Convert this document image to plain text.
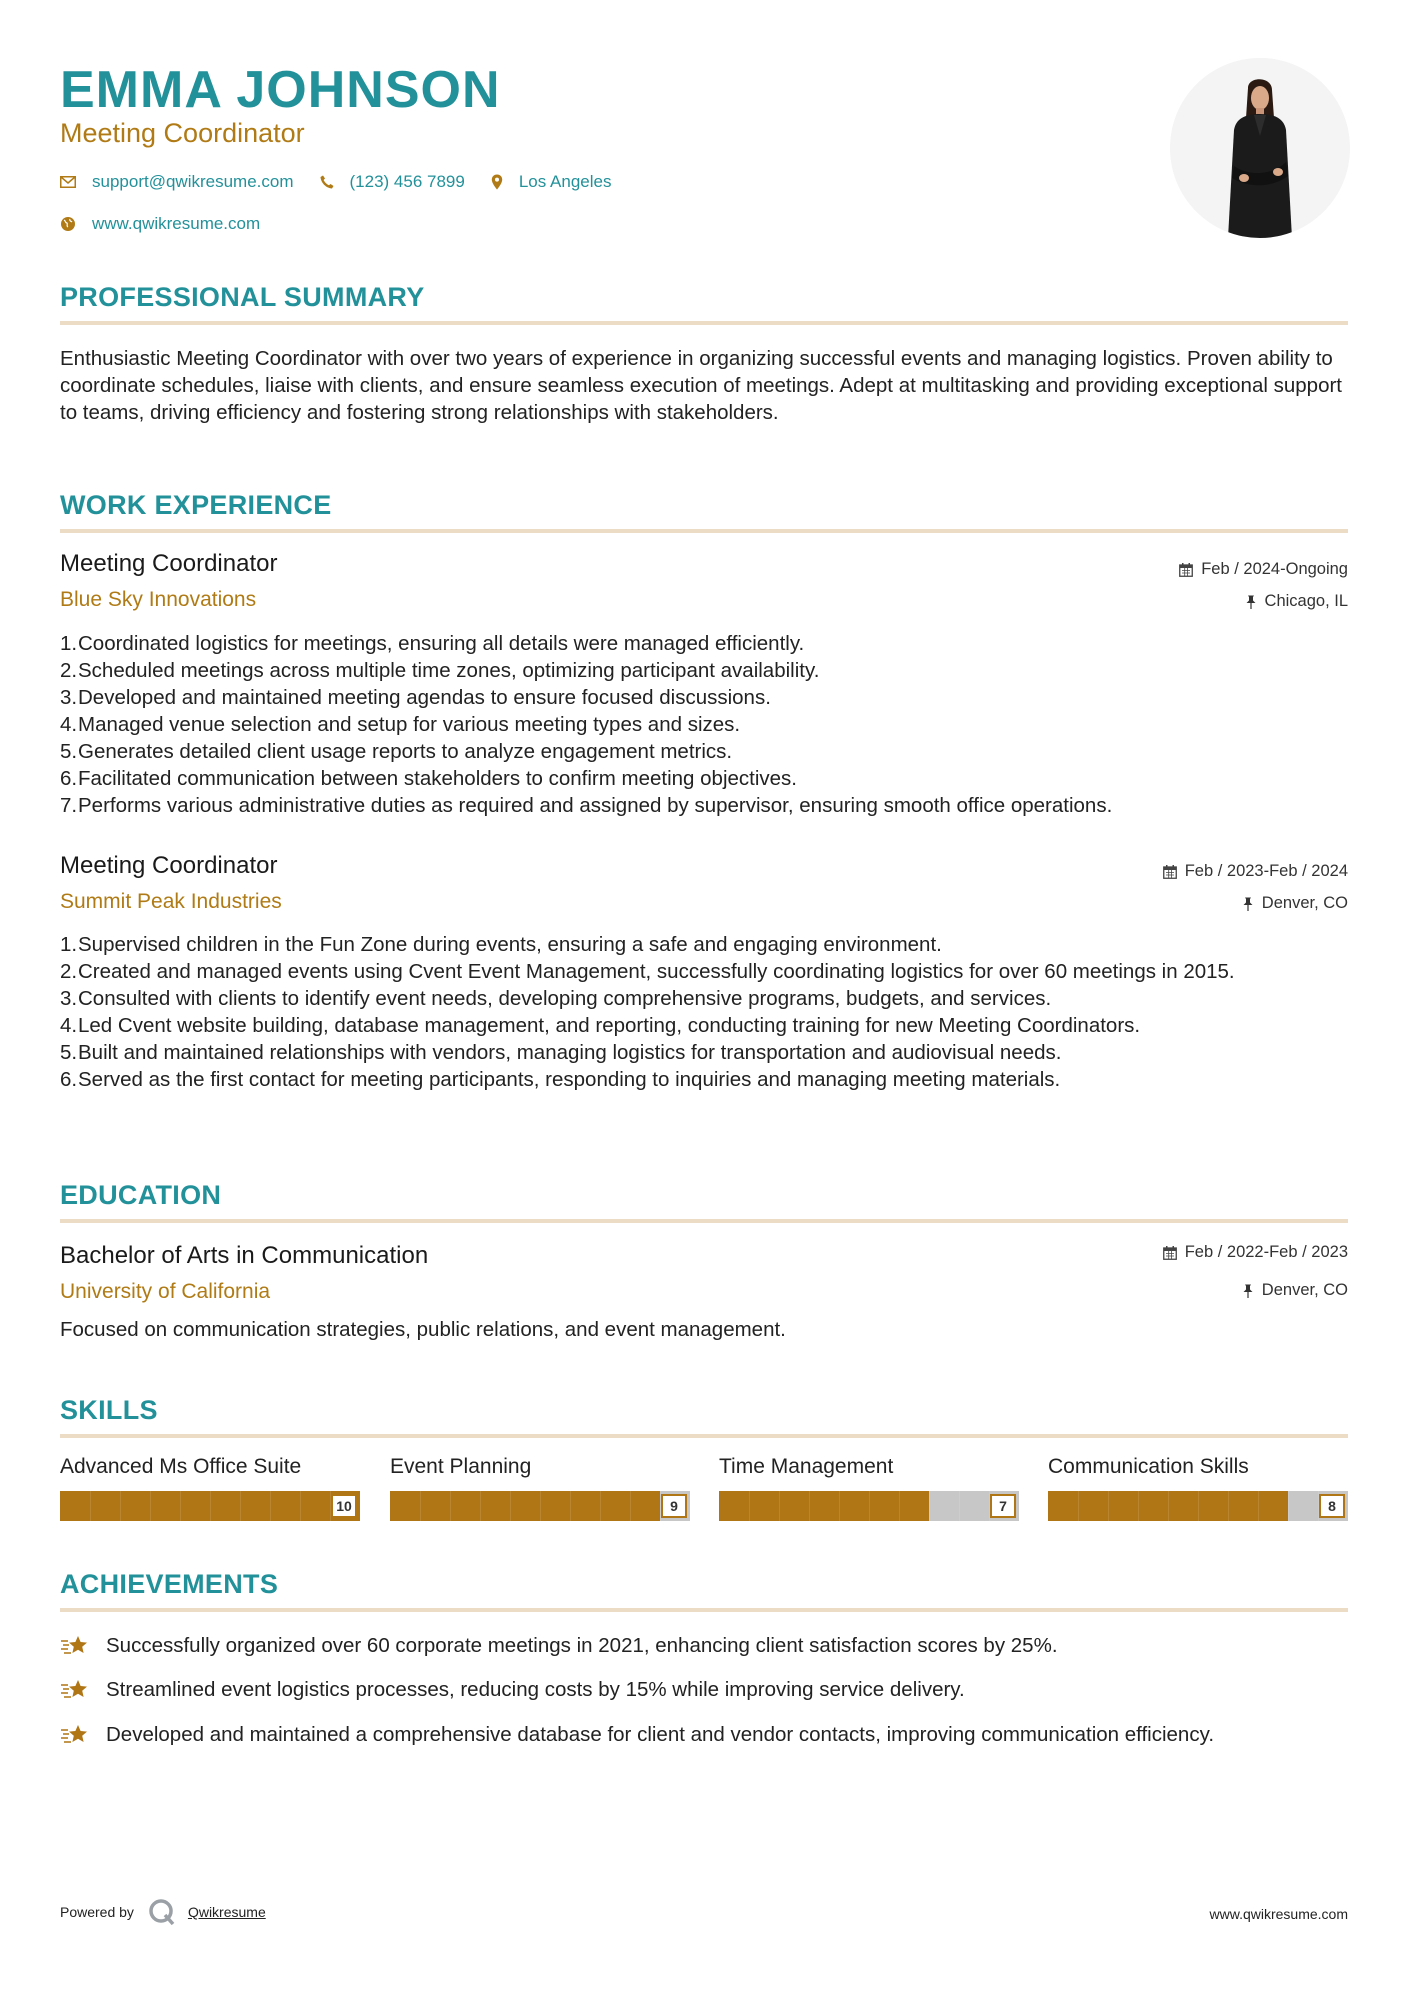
EMMA JOHNSON
Meeting Coordinator
support@qwikresume.com	(123) 456 7899	Los Angeles
www.qwikresume.com
PROFESSIONAL SUMMARY
Enthusiastic Meeting Coordinator with over two years of experience in organizing successful events and managing logistics. Proven ability to coordinate schedules, liaise with clients, and ensure seamless execution of meetings. Adept at multitasking and providing exceptional support to teams, driving efficiency and fostering strong relationships with stakeholders.
WORK EXPERIENCE
Meeting Coordinator	Feb / 2024-Ongoing
Blue Sky Innovations	Chicago, IL
1. Coordinated logistics for meetings, ensuring all details were managed efficiently.
2. Scheduled meetings across multiple time zones, optimizing participant availability.
3. Developed and maintained meeting agendas to ensure focused discussions.
4. Managed venue selection and setup for various meeting types and sizes.
5. Generates detailed client usage reports to analyze engagement metrics.
6. Facilitated communication between stakeholders to confirm meeting objectives.
7. Performs various administrative duties as required and assigned by supervisor, ensuring smooth office operations.
Meeting Coordinator	Feb / 2023-Feb / 2024
Summit Peak Industries	Denver, CO
1. Supervised children in the Fun Zone during events, ensuring a safe and engaging environment.
2. Created and managed events using Cvent Event Management, successfully coordinating logistics for over 60 meetings in 2015.
3. Consulted with clients to identify event needs, developing comprehensive programs, budgets, and services.
4. Led Cvent website building, database management, and reporting, conducting training for new Meeting Coordinators.
5. Built and maintained relationships with vendors, managing logistics for transportation and audiovisual needs.
6. Served as the first contact for meeting participants, responding to inquiries and managing meeting materials.
EDUCATION
Bachelor of Arts in Communication	Feb / 2022-Feb / 2023
University of California	Denver, CO
Focused on communication strategies, public relations, and event management.
SKILLS
Advanced Ms Office Suite
10
Event Planning
9
Time Management
7
Communication Skills
8
ACHIEVEMENTS
Successfully organized over 60 corporate meetings in 2021, enhancing client satisfaction scores by 25%.
Streamlined event logistics processes, reducing costs by 15% while improving service delivery.
Developed and maintained a comprehensive database for client and vendor contacts, improving communication efficiency.
Powered by	Qwikresume	www.qwikresume.com
